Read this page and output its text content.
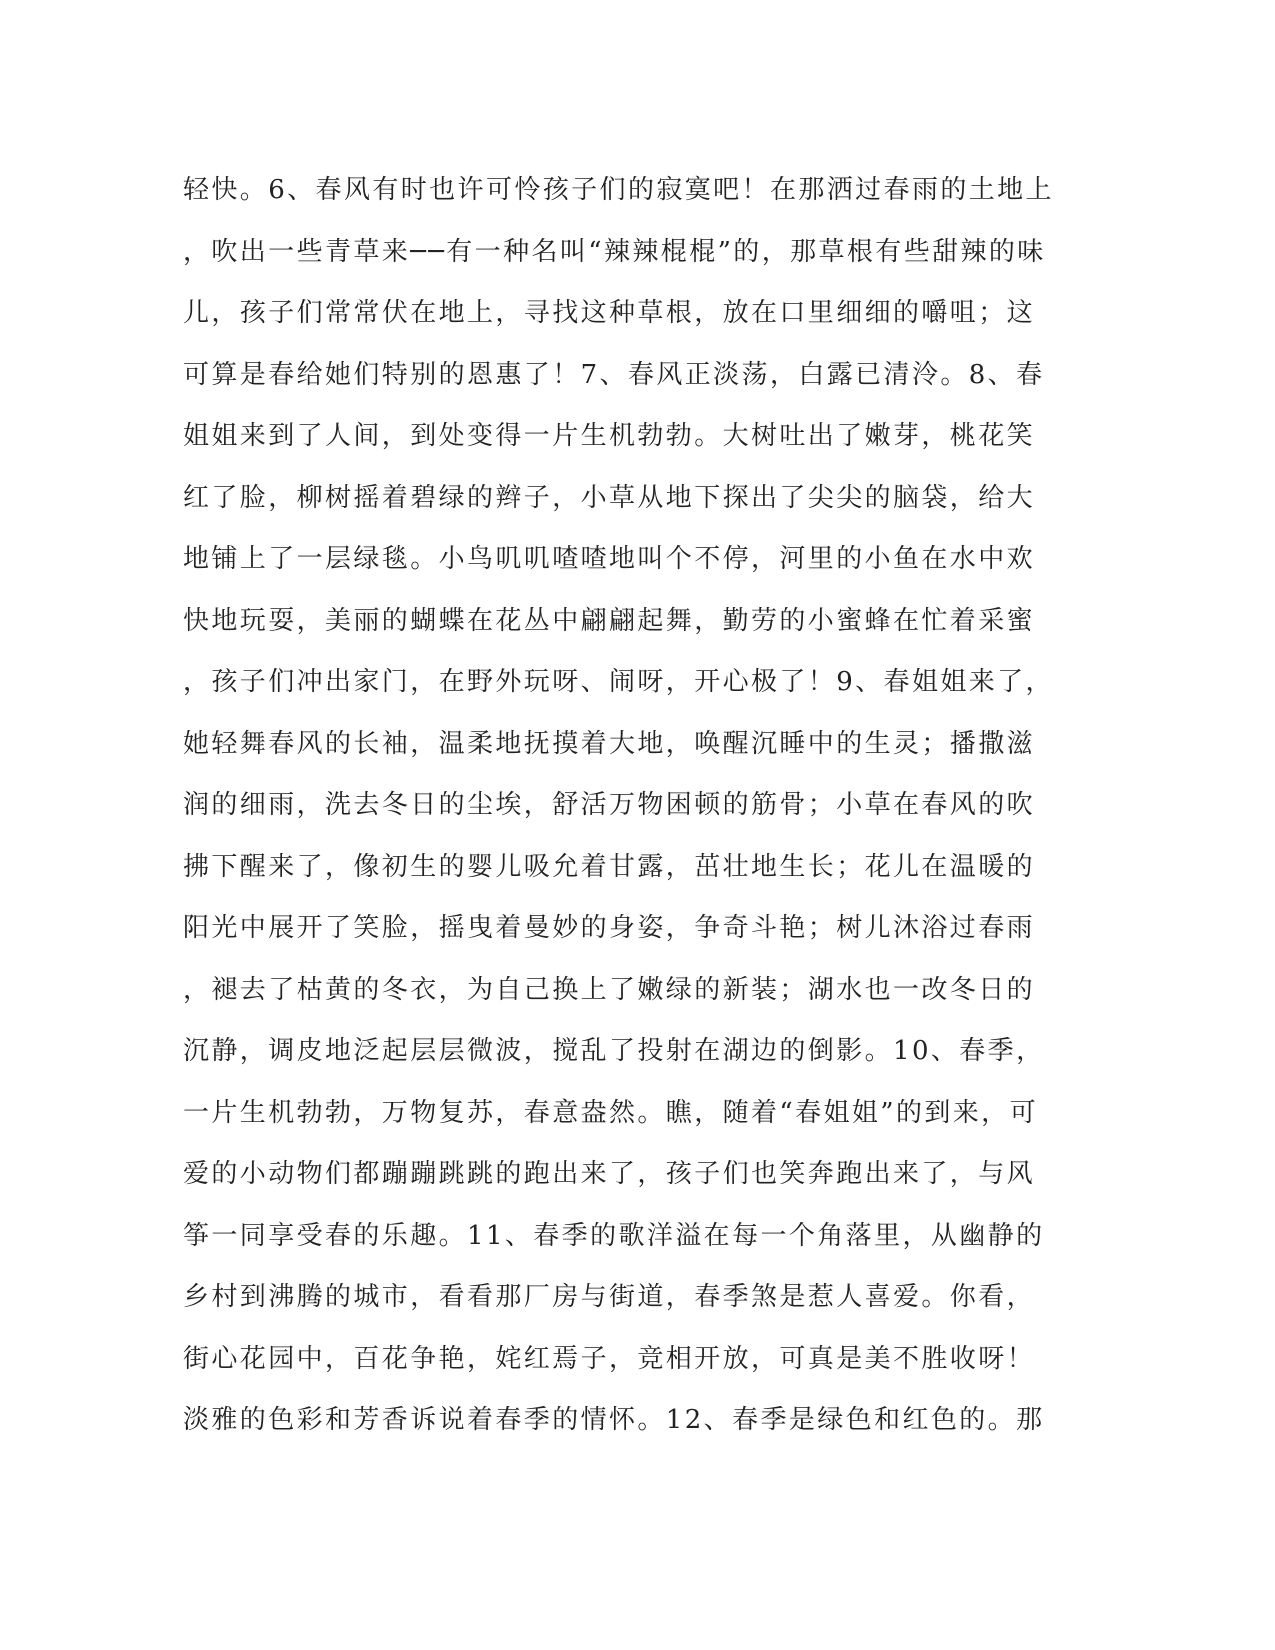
轻快。6、春风有时也许可怜孩子们的寂寞吧！在那洒过春雨的土地上
，吹出一些青草来──有一种名叫“辣辣棍棍”的，那草根有些甜辣的味
儿，孩子们常常伏在地上，寻找这种草根，放在口里细细的嚼咀；这
可算是春给她们特别的恩惠了！7、春风正淡荡，白露已清泠。8、春
姐姐来到了人间，到处变得一片生机勃勃。大树吐出了嫩芽，桃花笑
红了脸，柳树摇着碧绿的辫子，小草从地下探出了尖尖的脑袋，给大
地铺上了一层绿毯。小鸟叽叽喳喳地叫个不停，河里的小鱼在水中欢
快地玩耍，美丽的蝴蝶在花丛中翩翩起舞，勤劳的小蜜蜂在忙着采蜜
，孩子们冲出家门，在野外玩呀、闹呀，开心极了！9、春姐姐来了，
她轻舞春风的长袖，温柔地抚摸着大地，唤醒沉睡中的生灵；播撒滋
润的细雨，洗去冬日的尘埃，舒活万物困顿的筋骨；小草在春风的吹
拂下醒来了，像初生的婴儿吸允着甘露，茁壮地生长；花儿在温暖的
阳光中展开了笑脸，摇曳着曼妙的身姿，争奇斗艳；树儿沐浴过春雨
，褪去了枯黄的冬衣，为自己换上了嫩绿的新装；湖水也一改冬日的
沉静，调皮地泛起层层微波，搅乱了投射在湖边的倒影。10、春季，
一片生机勃勃，万物复苏，春意盎然。瞧，随着“春姐姐”的到来，可
爱的小动物们都蹦蹦跳跳的跑出来了，孩子们也笑奔跑出来了，与风
筝一同享受春的乐趣。11、春季的歌洋溢在每一个角落里，从幽静的
乡村到沸腾的城市，看看那厂房与街道，春季煞是惹人喜爱。你看，
街心花园中，百花争艳，姹红焉子，竞相开放，可真是美不胜收呀！
淡雅的色彩和芳香诉说着春季的情怀。12、春季是绿色和红色的。那
